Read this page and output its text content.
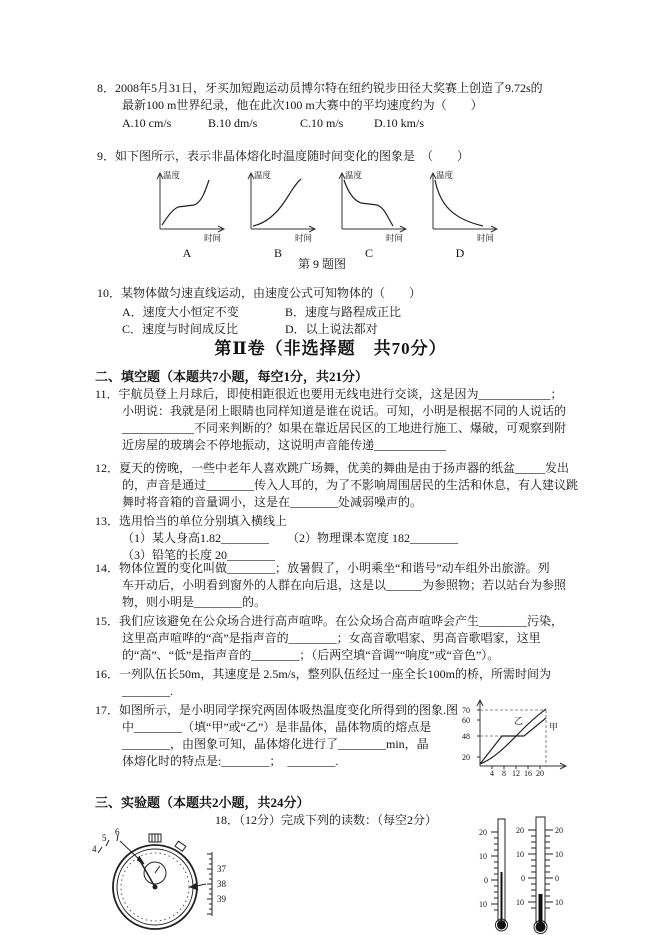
8．2008年5月31日，牙买加短跑运动员博尔特在纽约锐步田径大奖赛上创造了9.72s的
最新100 m世界纪录，他在此次100 m大赛中的平均速度约为（　　）
A.10 cm/s	B.10 dm/s	C.10 m/s	D.10 km/s
9．如下图所示，表示非晶体熔化时温度随时间变化的图象是　（　　）
温度
时间
A
温度
时间
B
温度
时间
C
温度
时间
D
第 9 题图
10．某物体做匀速直线运动，由速度公式可知物体的（　　）
A．速度大小恒定不变	B．速度与路程成正比
C．速度与时间成反比	D．以上说法都对
第Ⅱ卷（非选择题　共70分）
二、填空题（本题共7小题，每空1分，共21分）
11．宇航员登上月球后，即使相距很近也要用无线电进行交谈，这是因为____________；
小明说：我就是闭上眼睛也同样知道是谁在说话。可知，小明是根据不同的人说话的
____________不同来判断的？如果在靠近居民区的工地进行施工、爆破，可观察到附
近房屋的玻璃会不停地振动，这说明声音能传递____________
12．夏天的傍晚，一些中老年人喜欢跳广场舞，优美的舞曲是由于扬声器的纸盆_____发出
的，声音是通过________传入人耳的，为了不影响周围居民的生活和休息，有人建议跳
舞时将音箱的音量调小，这是在________处减弱噪声的。
13．选用恰当的单位分别填入横线上
（1）某人身高1.82________　　（2）物理课本宽度 182________
（3）铅笔的长度 20________
14．物体位置的变化叫做________；放暑假了，小明乘坐“和谐号”动车组外出旅游。列
车开动后，小明看到窗外的人群在向后退，这是以______为参照物；若以站台为参照
物，则小明是________的。
15．我们应该避免在公众场合进行高声喧哗。在公众场合高声喧哗会产生________污染，
这里高声喧哗的“高”是指声音的________；女高音歌唱家、男高音歌唱家，这里
的“高”、“低”是指声音的________；（后两空填“音调”“响度”或“音色”）。
16．一列队伍长50m，其速度是 2.5m/s，整列队伍经过一座全长100m的桥，所需时间为
________.
17．如图所示，是小明同学探究两固体吸热温度变化所得到的图象.图
中________（填“甲”或“乙”）是非晶体，晶体物质的熔点是
________，由图象可知，晶体熔化进行了________min，晶
体熔化时的特点是:________；　________.
70
60
48
20
4 8 12 16 20
乙
甲
三、实验题（本题共2小题，共24分）
18．（12分）完成下列的读数：（每空2分）
4
5
6
37
38
39
20
10
0
10
20
10
0
10
20
10
0
10
